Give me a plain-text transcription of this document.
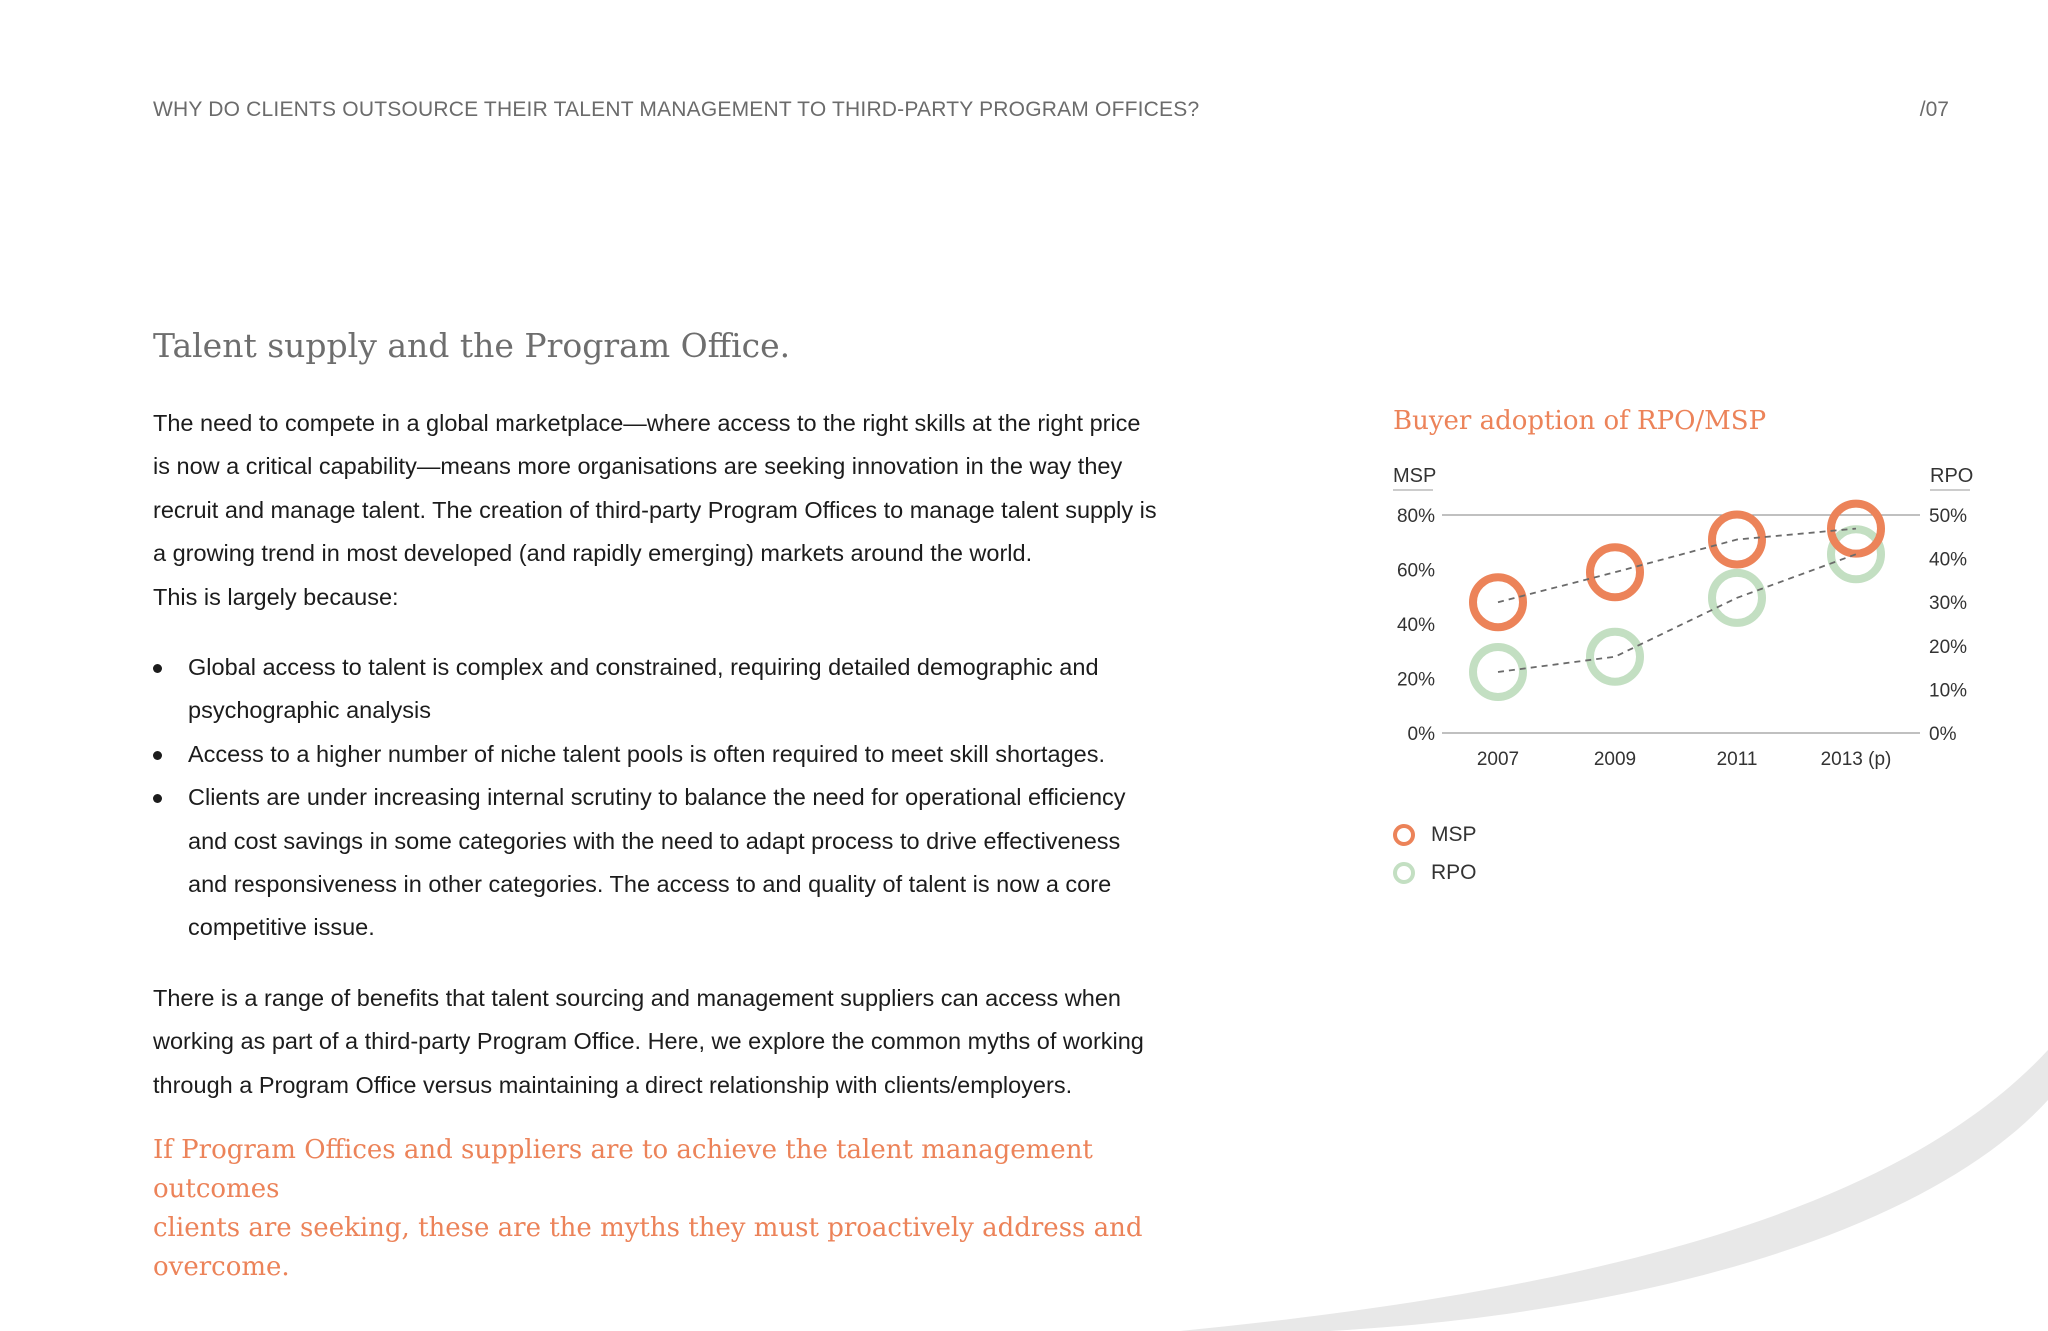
WHY DO CLIENTS OUTSOURCE THEIR TALENT MANAGEMENT TO THIRD-PARTY PROGRAM OFFICES?	/07
Talent supply and the Program Office.
The need to compete in a global marketplace—where access to the right skills at the right price
is now a critical capability—means more organisations are seeking innovation in the way they
recruit and manage talent. The creation of third-party Program Offices to manage talent supply is
a growing trend in most developed (and rapidly emerging) markets around the world.
This is largely because:
Global access to talent is complex and constrained, requiring detailed demographic and
psychographic analysis
Access to a higher number of niche talent pools is often required to meet skill shortages.
Clients are under increasing internal scrutiny to balance the need for operational efficiency
and cost savings in some categories with the need to adapt process to drive effectiveness
and responsiveness in other categories. The access to and quality of talent is now a core
competitive issue.
There is a range of benefits that talent sourcing and management suppliers can access when
working as part of a third-party Program Office. Here, we explore the common myths of working
through a Program Office versus maintaining a direct relationship with clients/employers.
If Program Offices and suppliers are to achieve the talent management outcomes
clients are seeking, these are the myths they must proactively address and overcome.
Buyer adoption of RPO/MSP
MSP	RPO
0%
20%
40%
60%
80%
0%
10%
20%
30%
40%
50%
2007	2009	2011	2013 (p)
MSP
RPO
